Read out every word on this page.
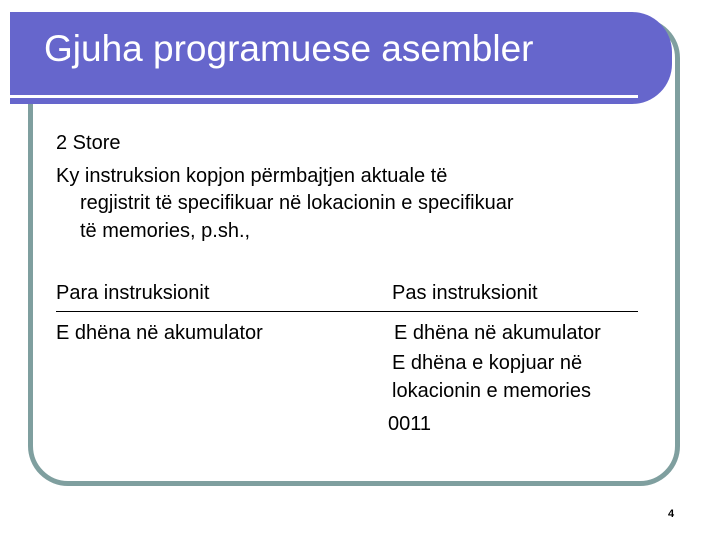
Gjuha programuese asembler
2 Store
Ky instruksion kopjon përmbajtjen aktuale të
regjistrit të specifikuar në lokacionin e specifikuar
të memories, p.sh.,
Para instruksionit	Pas instruksionit
E dhëna në akumulator	E dhëna në akumulator
E dhëna e kopjuar në
lokacionin e memories
0011
4
